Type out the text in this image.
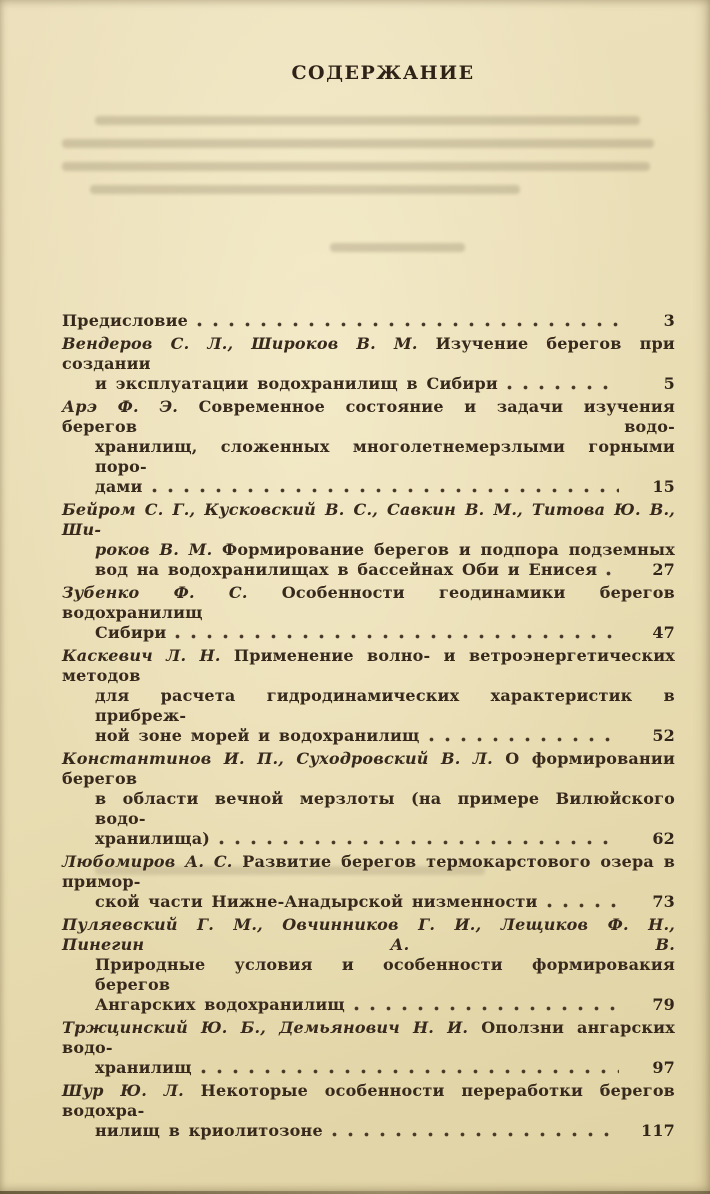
СОДЕРЖАНИЕ
Предисловие	3
Вендеров С. Л., Широков В. М. Изучение берегов при создании
и эксплуатации водохранилищ в Сибири	5
Арэ Ф. Э. Современное состояние и задачи изучения берегов водо-
хранилищ, сложенных многолетнемерзлыми горными поро-
дами	15
Бейром С. Г., Кусковский В. С., Савкин В. М., Титова Ю. В., Ши-
роков В. М. Формирование берегов и подпора подземных
вод на водохранилищах в бассейнах Оби и Енисея	27
Зубенко Ф. С. Особенности геодинамики берегов водохранилищ
Сибири	47
Каскевич Л. Н. Применение волно- и ветроэнергетических методов
для расчета гидродинамических характеристик в прибреж-
ной зоне морей и водохранилищ	52
Константинов И. П., Суходровский В. Л. О формировании берегов
в области вечной мерзлоты (на примере Вилюйского водо-
хранилища)	62
Любомиров А. С. Развитие берегов термокарстового озера в примор-
ской части Нижне-Анадырской низменности	73
Пуляевский Г. М., Овчинников Г. И., Лещиков Ф. Н., Пинегин А. В.
Природные условия и особенности формировакия берегов
Ангарских водохранилищ	79
Тржцинский Ю. Б., Демьянович Н. И. Оползни ангарских водо-
хранилищ	97
Шур Ю. Л. Некоторые особенности переработки берегов водохра-
нилищ в криолитозоне	117
